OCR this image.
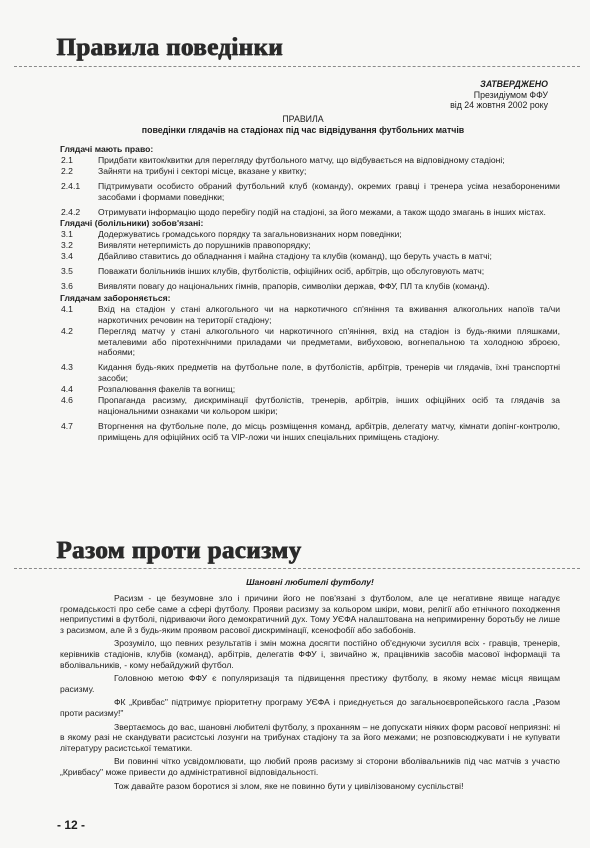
Правила поведінки
ЗАТВЕРДЖЕНО
Президіумом ФФУ
від 24 жовтня 2002 року
ПРАВИЛА
поведінки глядачів на стадіонах під час відвідування футбольних матчів
Глядачі мають право:
2.1	Придбати квиток/квитки для перегляду футбольного матчу, що відбувається на відповідному стадіоні;
2.2	Зайняти на трибуні і секторі місце, вказане у квитку;
2.4.1	Підтримувати особисто обраний футбольний клуб (команду), окремих гравці і тренера усіма незабороненими засобами і формами поведінки;
2.4.2	Отримувати інформацію щодо перебігу подій на стадіоні, за його межами, а також щодо змагань в інших містах.
Глядачі (болільники) зобов'язані:
3.1	Додержуватись громадського порядку та загальновизнаних норм поведінки;
3.2	Виявляти нетерпимість до порушників правопорядку;
3.4	Дбайливо ставитись до обладнання і майна стадіону та клубів (команд), що беруть участь в матчі;
3.5	Поважати болільників інших клубів, футболістів, офіційних осіб, арбітрів, що обслуговують матч;
3.6	Виявляти повагу до національних гімнів, прапорів, символіки держав, ФФУ, ПЛ та клубів (команд).
Глядачам забороняється:
4.1	Вхід на стадіон у стані алкогольного чи на наркотичного сп'яніння та вживання алкогольних напоїв та/чи наркотичних речовин на території стадіону;
4.2	Перегляд матчу у стані алкогольного чи наркотичного сп'яніння, вхід на стадіон із будь-якими пляшками, металевими або піротехнічними приладами чи предметами, вибуховою, вогнепальною та холодною зброєю, набоями;
4.3	Кидання будь-яких предметів на футбольне поле, в футболістів, арбітрів, тренерів чи глядачів, їхні транспортні засоби;
4.4	Розпалювання факелів та вогнищ;
4.6	Пропаганда расизму, дискримінації футболістів, тренерів, арбітрів, інших офіційних осіб та глядачів за національними ознаками чи кольором шкіри;
4.7	Вторгнення на футбольне поле, до місць розміщення команд, арбітрів, делегату матчу, кімнати допінг-контролю, приміщень для офіційних осіб та VIP-ложи чи інших спеціальних приміщень стадіону.
Разом проти расизму
Шановні любителі футболу!

Расизм - це безумовне зло і причини його не пов'язані з футболом, але це негативне явище нагадує громадськості про себе саме а сфері футболу. Прояви расизму за кольором шкіри, мови, релігії або етнічного походження неприпустимі в футболі, підриваючи його демократичний дух. Тому УЄФА налаштована на непримиренну боротьбу не лише з расизмом, але й з будь-яким проявом расової дискримінації, ксенофобії або забобонів.

Зрозуміло, що певних результатів і змін можна досягти постійно об'єднуючи зусилля всіх - гравців, тренерів, керівників стадіонів, клубів (команд), арбітрів, делегатів ФФУ і, звичайно ж, працівників засобів масової інформаціі та вболівальників, - кому небайдужий футбол.

Головною метою ФФУ є популяризація та підвищення престижу футболу, в якому немає місця явищам расизму.

ФК „Кривбас" підтримує пріоритетну програму УЄФА і приєднується до загальноєвропейського гасла „Разом проти расизму!"

Звертаємось до вас, шановні любителі футболу, з проханням – не допускати ніяких форм расової неприязні: ні в якому разі не скандувати расистські лозунги на трибунах стадіону та за його межами; не розповсюджувати і не купувати літературу расистської тематики.

Ви повинні чітко усвідомлювати, що любий прояв расизму зі сторони вболівальників під час матчів з участю „Кривбасу" може привести до адміністративної відповідальності.

Тож давайте разом боротися зі злом, яке не повинно бути у цивілізованому суспільстві!

- 12 -
